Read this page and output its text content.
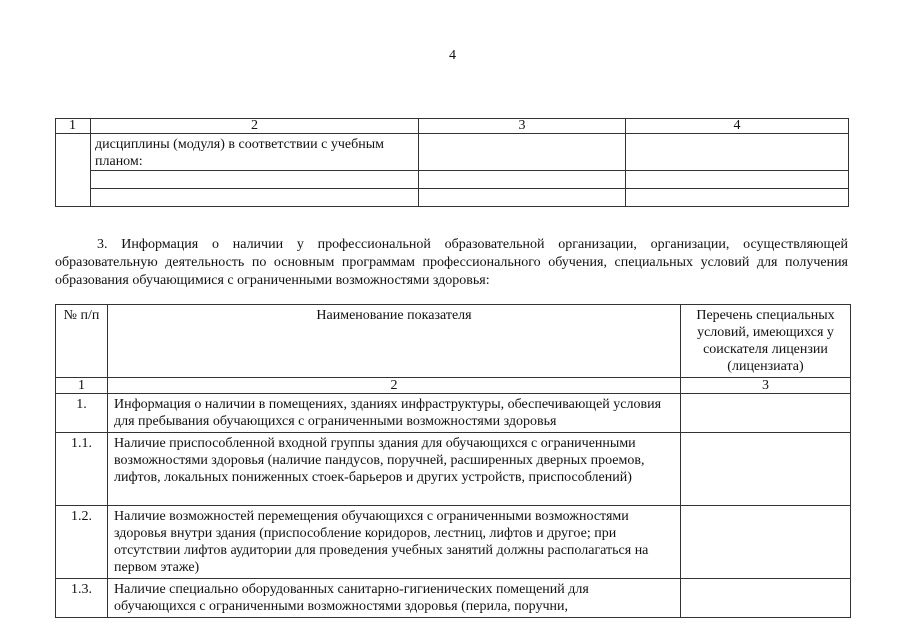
4
1	2	3	4
	дисциплины (модуля) в соответствии с учебным планом:		

3. Информация о наличии у профессиональной образовательной организации, организации, осуществляющей образовательную деятельность по основным программам профессионального обучения, специальных условий для получения образования обучающимися с ограниченными возможностями здоровья:

№ п/п	Наименование показателя	Перечень специальных условий, имеющихся у соискателя лицензии (лицензиата)
1	2	3
1.	Информация о наличии в помещениях, зданиях инфраструктуры, обеспечивающей условия для пребывания обучающихся с ограниченными возможностями здоровья	
1.1.	Наличие приспособленной входной группы здания для обучающихся с ограниченными возможностями здоровья (наличие пандусов, поручней, расширенных дверных проемов, лифтов, локальных пониженных стоек-барьеров и других устройств, приспособлений)	
1.2.	Наличие возможностей перемещения обучающихся с ограниченными возможностями здоровья внутри здания (приспособление коридоров, лестниц, лифтов и другое; при отсутствии лифтов аудитории для проведения учебных занятий должны располагаться на первом этаже)	
1.3.	Наличие специально оборудованных санитарно-гигиенических помещений для обучающихся с ограниченными возможностями здоровья (перила, поручни,	
